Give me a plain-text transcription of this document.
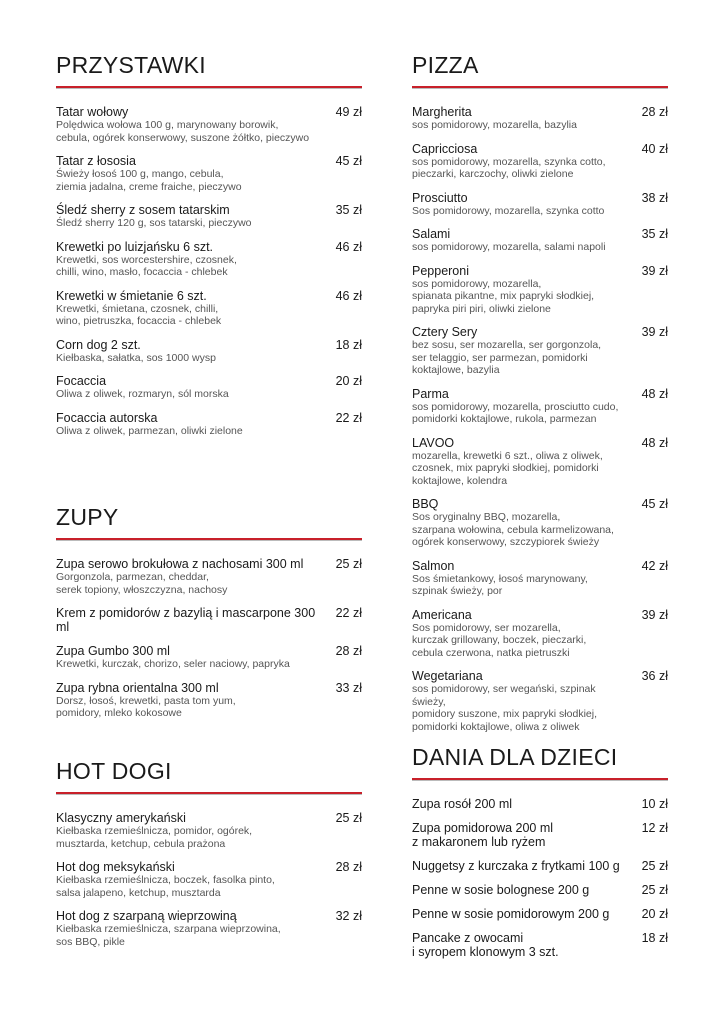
PRZYSTAWKI
Tatar wołowy
Polędwica wołowa 100 g, marynowany borowik,
cebula, ogórek konserwowy, suszone żółtko, pieczywo
49 zł
Tatar z łososia
Świeży łosoś 100 g, mango, cebula,
ziemia jadalna, creme fraiche, pieczywo
45 zł
Śledź sherry z sosem tatarskim
Śledź sherry 120 g, sos tatarski, pieczywo
35 zł
Krewetki po luizjańsku 6 szt.
Krewetki, sos worcestershire, czosnek,
chilli, wino, masło, focaccia - chlebek
46 zł
Krewetki w śmietanie 6 szt.
Krewetki, śmietana, czosnek, chilli,
wino, pietruszka, focaccia - chlebek
46 zł
Corn dog 2 szt.
Kiełbaska, sałatka, sos 1000 wysp
18 zł
Focaccia
Oliwa z oliwek, rozmaryn, sól morska
20 zł
Focaccia autorska
Oliwa z oliwek, parmezan, oliwki zielone
22 zł
ZUPY
Zupa serowo brokułowa z nachosami 300 ml
Gorgonzola, parmezan, cheddar,
serek topiony, włoszczyzna, nachosy
25 zł
Krem z pomidorów z bazylią i mascarpone 300 ml
22 zł
Zupa Gumbo 300 ml
Krewetki, kurczak, chorizo, seler naciowy, papryka
28 zł
Zupa rybna orientalna 300 ml
Dorsz, łosoś, krewetki, pasta tom yum,
pomidory, mleko kokosowe
33 zł
HOT DOGI
Klasyczny amerykański
Kiełbaska rzemieślnicza, pomidor, ogórek,
musztarda, ketchup, cebula prażona
25 zł
Hot dog meksykański
Kiełbaska rzemieślnicza, boczek, fasolka pinto,
salsa jalapeno, ketchup, musztarda
28 zł
Hot dog z szarpaną wieprzowiną
Kiełbaska rzemieślnicza, szarpana wieprzowina,
sos BBQ, pikle
32 zł
PIZZA
Margherita
sos pomidorowy, mozarella, bazylia
28 zł
Capricciosa
sos pomidorowy, mozarella, szynka cotto,
pieczarki, karczochy, oliwki zielone
40 zł
Prosciutto
Sos pomidorowy, mozarella, szynka cotto
38 zł
Salami
sos pomidorowy, mozarella, salami napoli
35 zł
Pepperoni
sos pomidorowy, mozarella,
spianata pikantne, mix papryki słodkiej,
papryka piri piri, oliwki zielone
39 zł
Cztery Sery
bez sosu, ser mozarella, ser gorgonzola,
ser telaggio, ser parmezan, pomidorki
koktajlowe, bazylia
39 zł
Parma
sos pomidorowy, mozarella, prosciutto cudo,
pomidorki koktajlowe, rukola, parmezan
48 zł
LAVOO
mozarella, krewetki 6 szt., oliwa z oliwek,
czosnek, mix papryki słodkiej, pomidorki
koktajlowe, kolendra
48 zł
BBQ
Sos oryginalny BBQ, mozarella,
szarpana wołowina, cebula karmelizowana,
ogórek konserwowy, szczypiorek świeży
45 zł
Salmon
Sos śmietankowy, łosoś marynowany,
szpinak świeży, por
42 zł
Americana
Sos pomidorowy, ser mozarella,
kurczak grillowany, boczek, pieczarki,
cebula czerwona, natka pietruszki
39 zł
Wegetariana
sos pomidorowy, ser wegański, szpinak świeży,
pomidory suszone, mix papryki słodkiej,
pomidorki koktajlowe, oliwa z oliwek
36 zł
DANIA DLA DZIECI
Zupa rosół 200 ml	10 zł
Zupa pomidorowa 200 ml
z makaronem lub ryżem
12 zł
Nuggetsy z kurczaka z frytkami 100 g	25 zł
Penne w sosie bolognese 200 g	25 zł
Penne w sosie pomidorowym 200 g	20 zł
Pancake z owocami
i syropem klonowym 3 szt.
18 zł
